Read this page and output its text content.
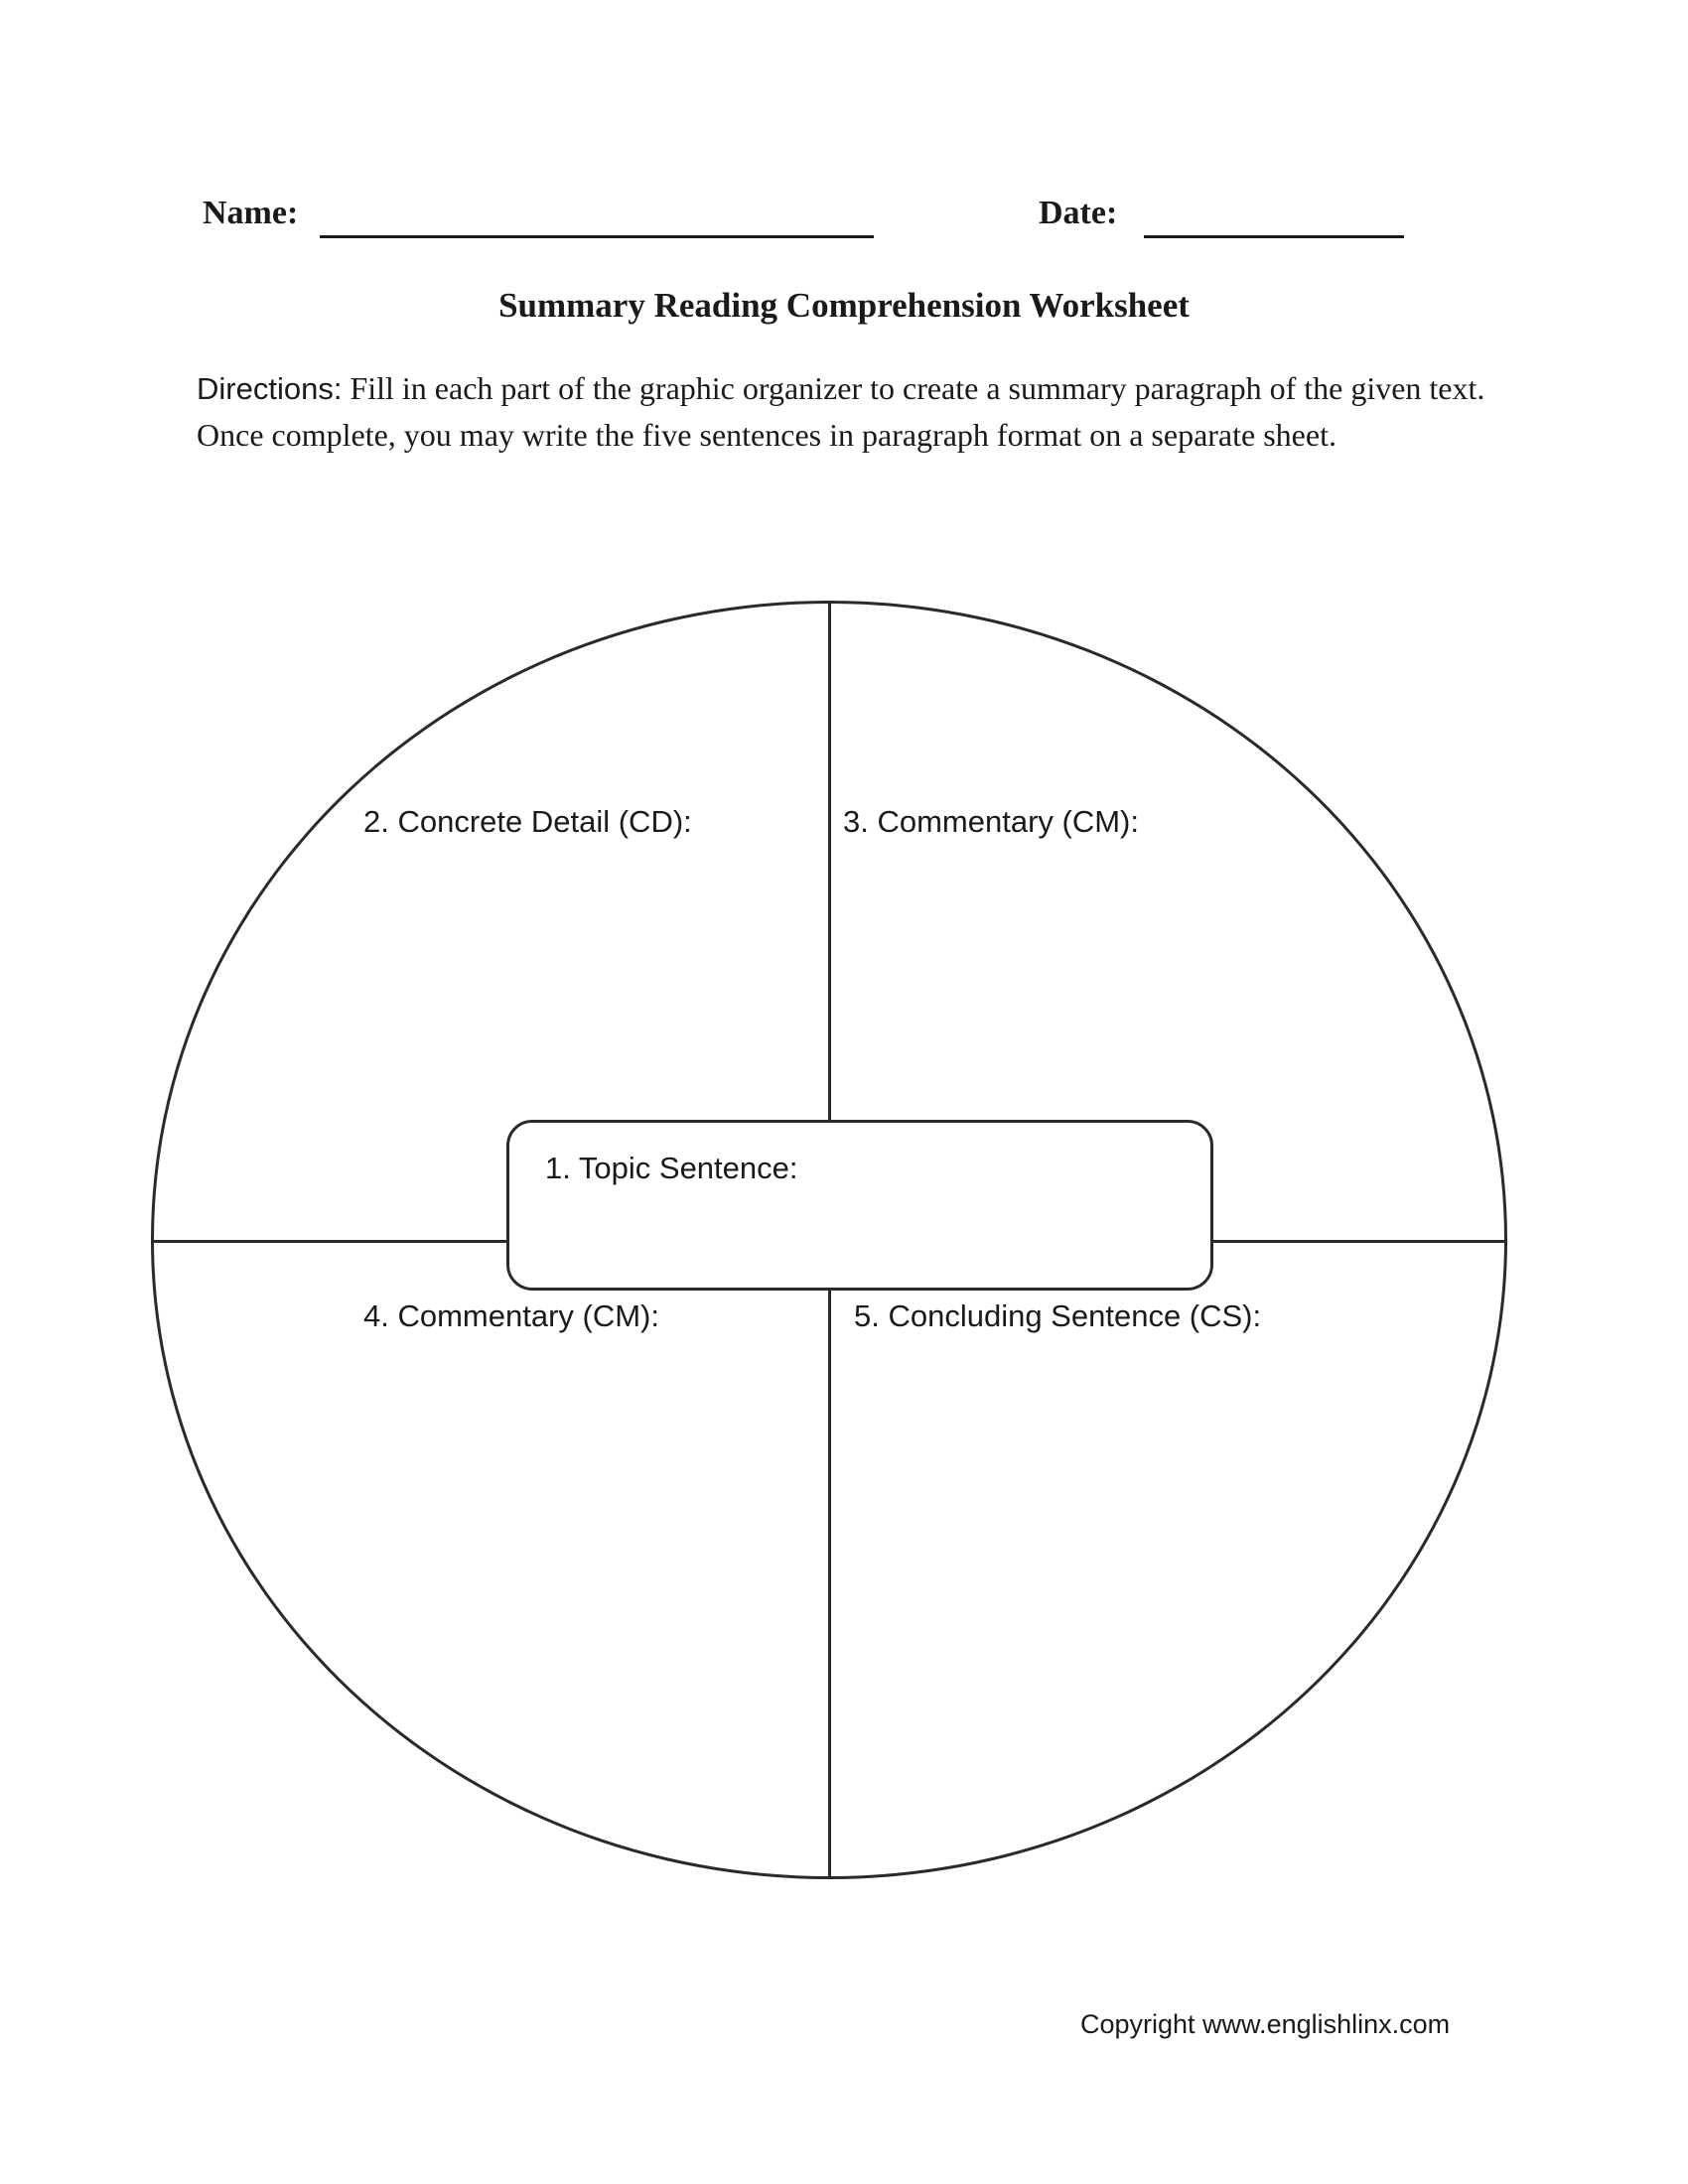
Name:	Date:
Summary Reading Comprehension Worksheet

Directions: Fill in each part of the graphic organizer to create a summary paragraph of the given text. Once complete, you may write the five sentences in paragraph format on a separate sheet.

2. Concrete Detail (CD):	3. Commentary (CM):
4. Commentary (CM):	5. Concluding Sentence (CS):
1. Topic Sentence:
Copyright www.englishlinx.com
